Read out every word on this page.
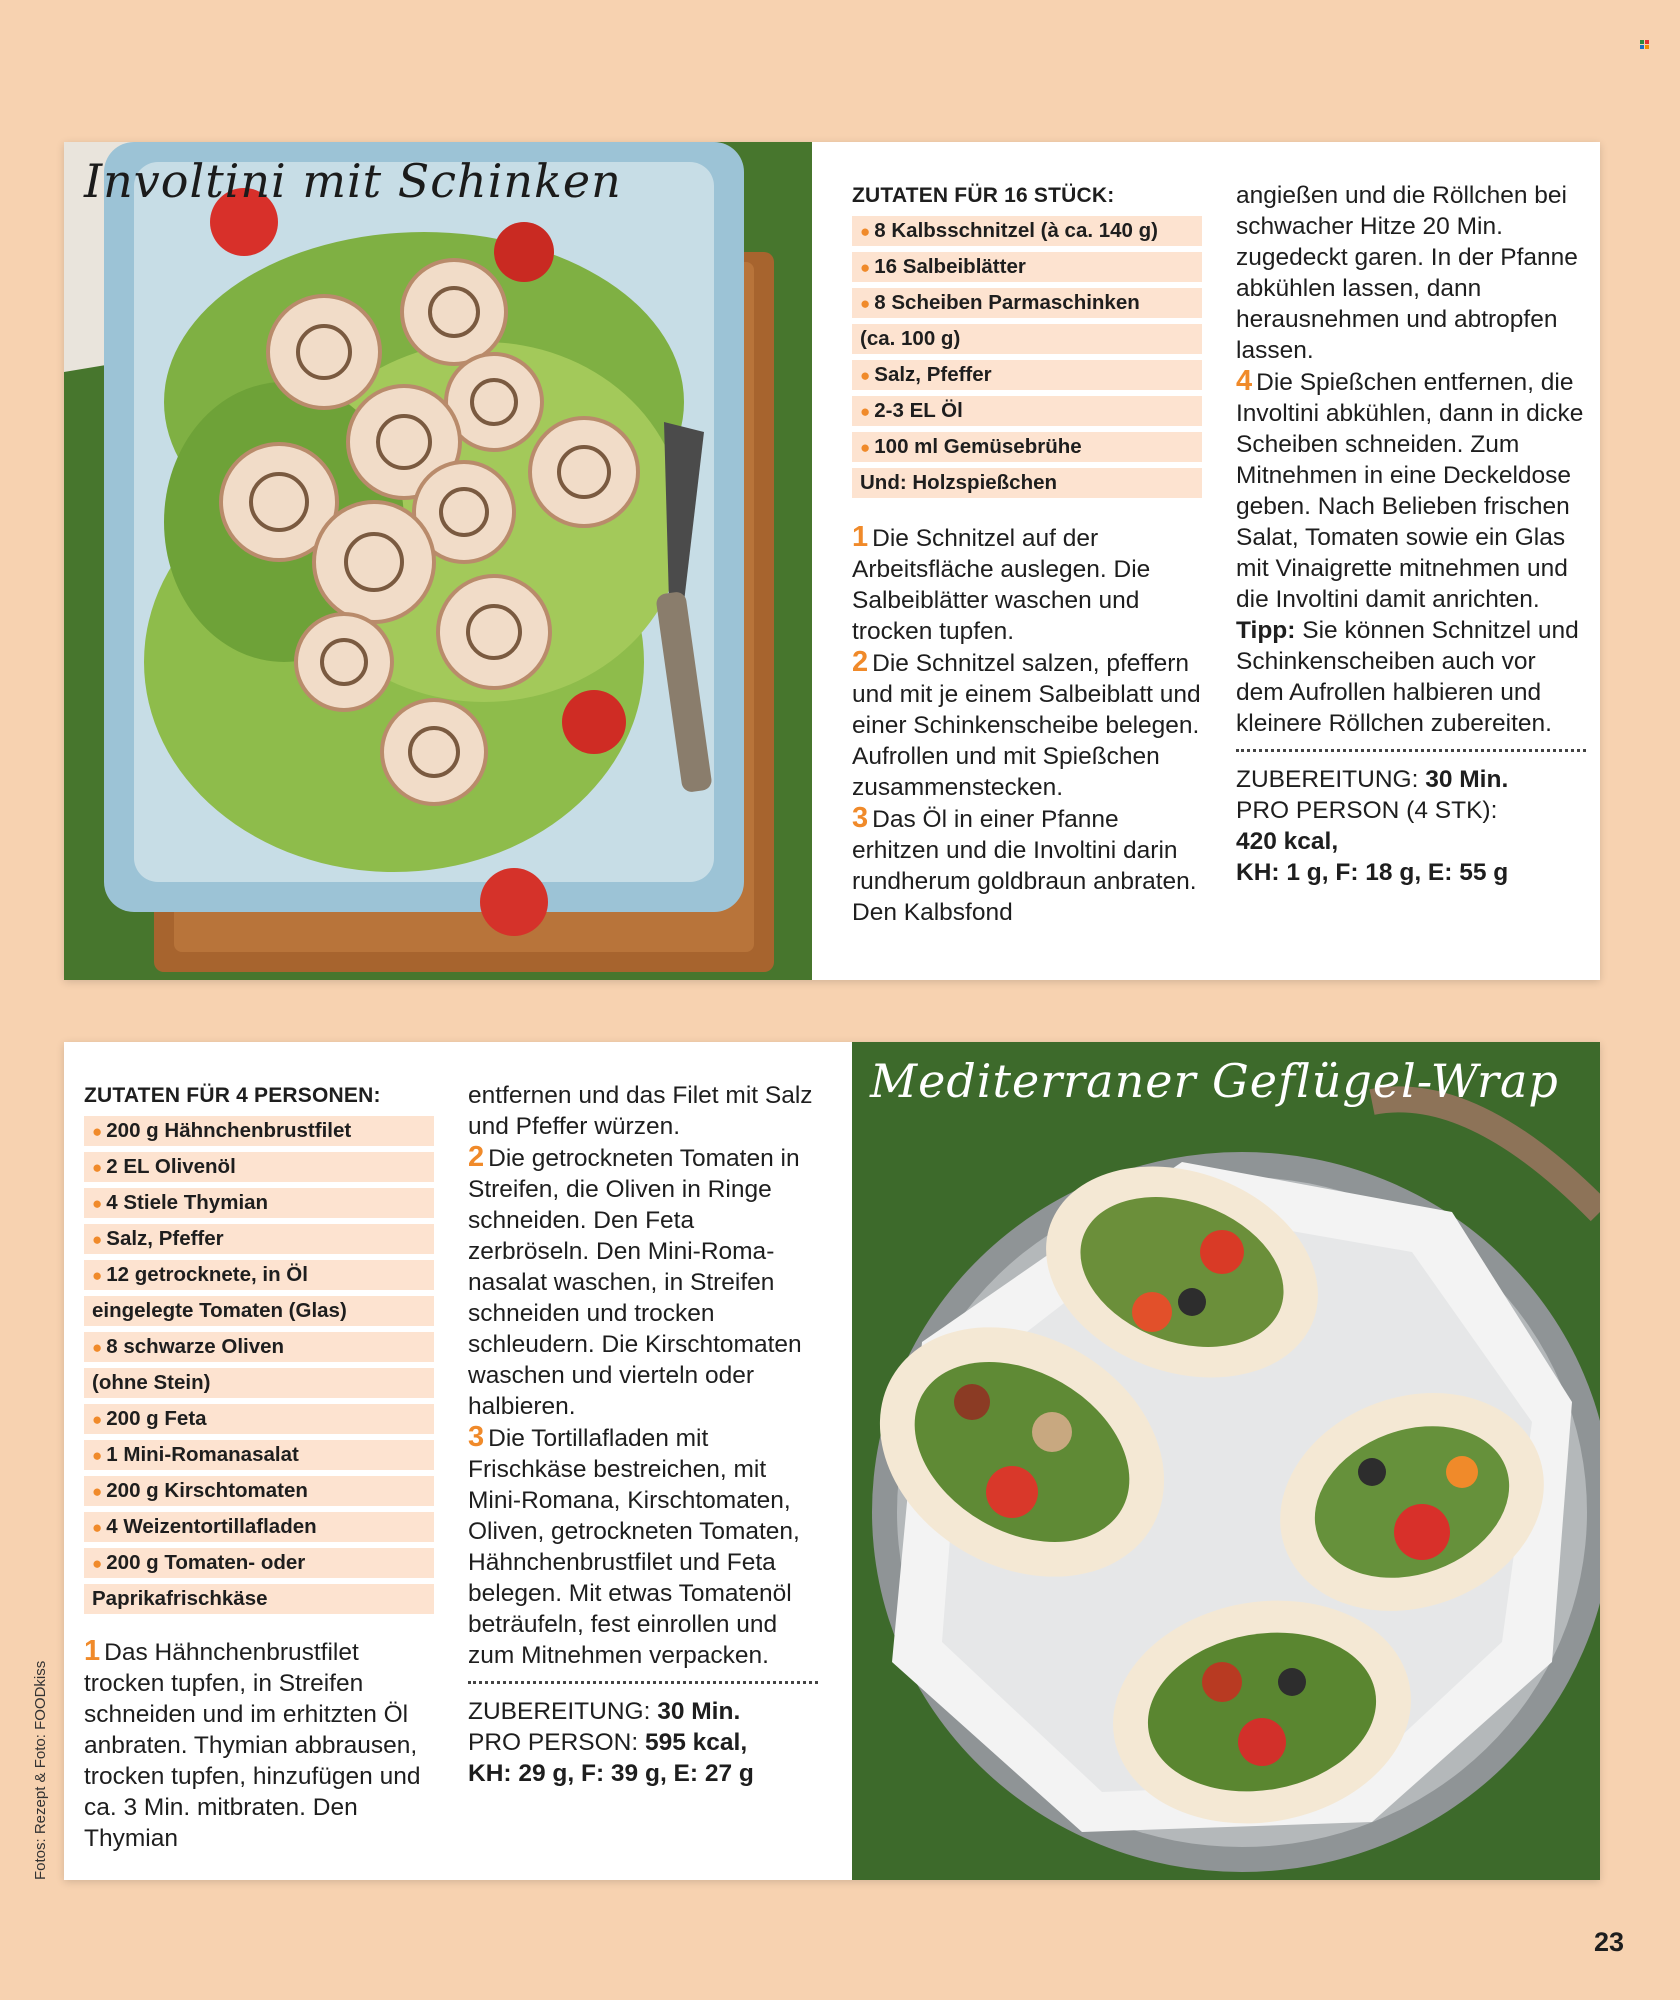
Involtini mit Schinken	ZUTATEN FÜR 16 STÜCK:
● 8 Kalbsschnitzel (à ca. 140 g)
● 16 Salbeiblätter
● 8 Scheiben Parmaschinken
(ca. 100 g)
● Salz, Pfeffer
● 2-3 EL Öl
● 100 ml Gemüsebrühe
Und: Holzspießchen

1 Die Schnitzel auf der Arbeitsfläche auslegen. Die Salbeiblätter waschen und trocken tupfen.

2 Die Schnitzel salzen, pfeffern und mit je einem Salbeiblatt und einer Schinkenscheibe belegen. Aufrollen und mit Spießchen zusammenstecken.

3 Das Öl in einer Pfanne erhitzen und die Involtini darin rundherum goldbraun anbraten. Den Kalbsfond

angießen und die Röllchen bei schwacher Hitze 20 Min. zugedeckt garen. In der Pfanne abkühlen lassen, dann herausnehmen und abtropfen lassen.

4 Die Spießchen entfernen, die Involtini abkühlen, dann in dicke Scheiben schneiden. Zum Mitnehmen in eine Deckeldose geben. Nach Belieben frischen Salat, Tomaten sowie ein Glas mit Vinaigrette mitnehmen und die Involtini damit anrichten. Tipp: Sie können Schnitzel und Schinkenscheiben auch vor dem Aufrollen halbieren und kleinere Röllchen zubereiten.

ZUBEREITUNG: 30 Min.
PRO PERSON (4 STK):
420 kcal,
KH: 1 g, F: 18 g, E: 55 g
ZUTATEN FÜR 4 PERSONEN:
● 200 g Hähnchenbrustfilet
● 2 EL Olivenöl
● 4 Stiele Thymian
● Salz, Pfeffer
● 12 getrocknete, in Öl
eingelegte Tomaten (Glas)
● 8 schwarze Oliven
(ohne Stein)
● 200 g Feta
● 1 Mini-Romanasalat
● 200 g Kirschtomaten
● 4 Weizentortillafladen
● 200 g Tomaten- oder
Paprikafrischkäse

1 Das Hähnchenbrustfilet trocken tupfen, in Streifen schneiden und im erhitzten Öl anbraten. Thymian abbrausen, trocken tupfen, hinzufügen und ca. 3 Min. mitbraten. Den Thymian

entfernen und das Filet mit Salz und Pfeffer würzen.

2 Die getrockneten Tomaten in Streifen, die Oliven in Ringe schneiden. Den Feta zerbröseln. Den Mini-Romanasalat waschen, in Streifen schneiden und trocken schleudern. Die Kirschtomaten waschen und vierteln oder halbieren.

3 Die Tortillafladen mit Frischkäse bestreichen, mit Mini-Romana, Kirschtomaten, Oliven, getrockneten Tomaten, Hähnchenbrustfilet und Feta belegen. Mit etwas Tomatenöl beträufeln, fest einrollen und zum Mitnehmen verpacken.

ZUBEREITUNG: 30 Min.
PRO PERSON: 595 kcal,
KH: 29 g, F: 39 g, E: 27 g
Mediterraner Geflügel-Wrap
Fotos: Rezept & Foto: FOODkiss
23
